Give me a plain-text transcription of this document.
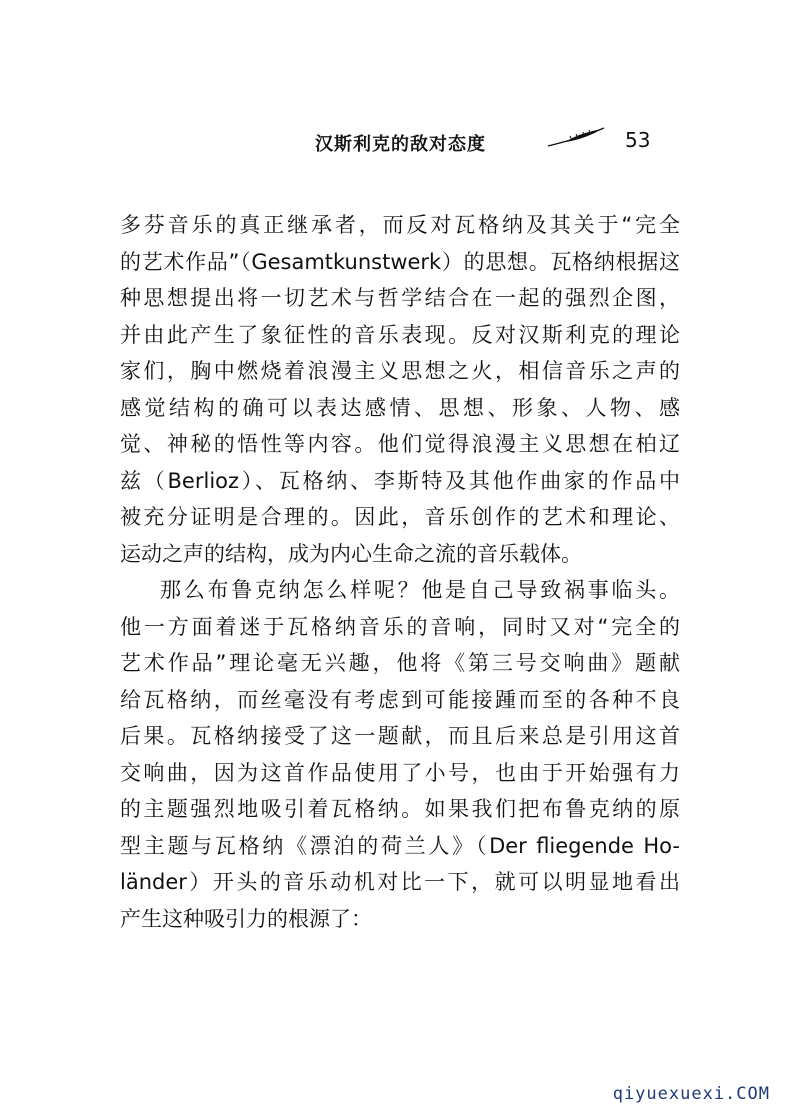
汉斯利克的敌对态度	53
多芬音乐的真正继承者，而反对瓦格纳及其关于“完全
的艺术作品”（Gesamtkunstwerk）的思想。瓦格纳根据这
种思想提出将一切艺术与哲学结合在一起的强烈企图，
并由此产生了象征性的音乐表现。反对汉斯利克的理论
家们，胸中燃烧着浪漫主义思想之火，相信音乐之声的
感觉结构的确可以表达感情、思想、形象、人物、感
觉、神秘的悟性等内容。他们觉得浪漫主义思想在柏辽
兹（Berlioz）、瓦格纳、李斯特及其他作曲家的作品中
被充分证明是合理的。因此，音乐创作的艺术和理论、
运动之声的结构，成为内心生命之流的音乐载体。
那么布鲁克纳怎么样呢？他是自己导致祸事临头。
他一方面着迷于瓦格纳音乐的音响，同时又对“完全的
艺术作品”理论毫无兴趣，他将《第三号交响曲》题献
给瓦格纳，而丝毫没有考虑到可能接踵而至的各种不良
后果。瓦格纳接受了这一题献，而且后来总是引用这首
交响曲，因为这首作品使用了小号，也由于开始强有力
的主题强烈地吸引着瓦格纳。如果我们把布鲁克纳的原
型主题与瓦格纳《漂泊的荷兰人》（Der fliegende Ho-
länder）开头的音乐动机对比一下，就可以明显地看出
产生这种吸引力的根源了：
qiyuexuexi.COM
